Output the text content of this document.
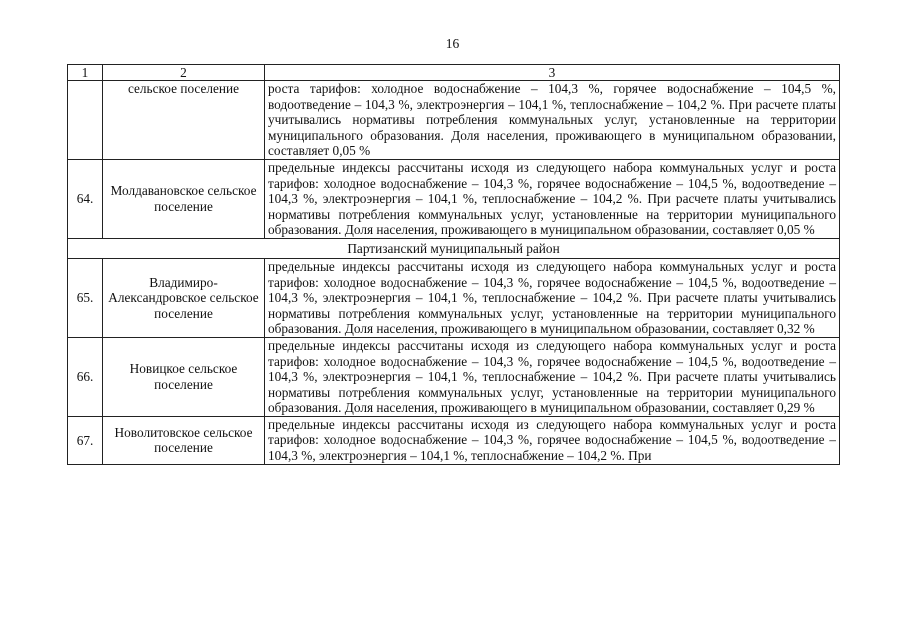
16
1	2	3
	сельское поселение	роста тарифов: холодное водоснабжение – 104,3 %, горячее водоснабжение – 104,5 %, водоотведение – 104,3 %, электроэнергия – 104,1 %, теплоснабжение – 104,2 %. При расчете платы учитывались нормативы потребления коммунальных услуг, установленные на территории муниципального образования. Доля населения, проживающего в муниципальном образовании, составляет 0,05 %
64.	Молдавановское сельское поселение	предельные индексы рассчитаны исходя из следующего набора коммунальных услуг и роста тарифов: холодное водоснабжение – 104,3 %, горячее водоснабжение – 104,5 %, водоотведение – 104,3 %, электроэнергия – 104,1 %, теплоснабжение – 104,2 %. При расчете платы учитывались нормативы потребления коммунальных услуг, установленные на территории муниципального образования. Доля населения, проживающего в муниципальном образовании, составляет 0,05 %
Партизанский муниципальный район		
65.	Владимиро-Александровское сельское поселение	предельные индексы рассчитаны исходя из следующего набора коммунальных услуг и роста тарифов: холодное водоснабжение – 104,3 %, горячее водоснабжение – 104,5 %, водоотведение – 104,3 %, электроэнергия – 104,1 %, теплоснабжение – 104,2 %. При расчете платы учитывались нормативы потребления коммунальных услуг, установленные на территории муниципального образования. Доля населения, проживающего в муниципальном образовании, составляет 0,32 %
66.	Новицкое сельское поселение	предельные индексы рассчитаны исходя из следующего набора коммунальных услуг и роста тарифов: холодное водоснабжение – 104,3 %, горячее водоснабжение – 104,5 %, водоотведение – 104,3 %, электроэнергия – 104,1 %, теплоснабжение – 104,2 %. При расчете платы учитывались нормативы потребления коммунальных услуг, установленные на территории муниципального образования. Доля населения, проживающего в муниципальном образовании, составляет 0,29 %
67.	Новолитовское сельское поселение	предельные индексы рассчитаны исходя из следующего набора коммунальных услуг и роста тарифов: холодное водоснабжение – 104,3 %, горячее водоснабжение – 104,5 %, водоотведение – 104,3 %, электроэнергия – 104,1 %, теплоснабжение – 104,2 %. При
